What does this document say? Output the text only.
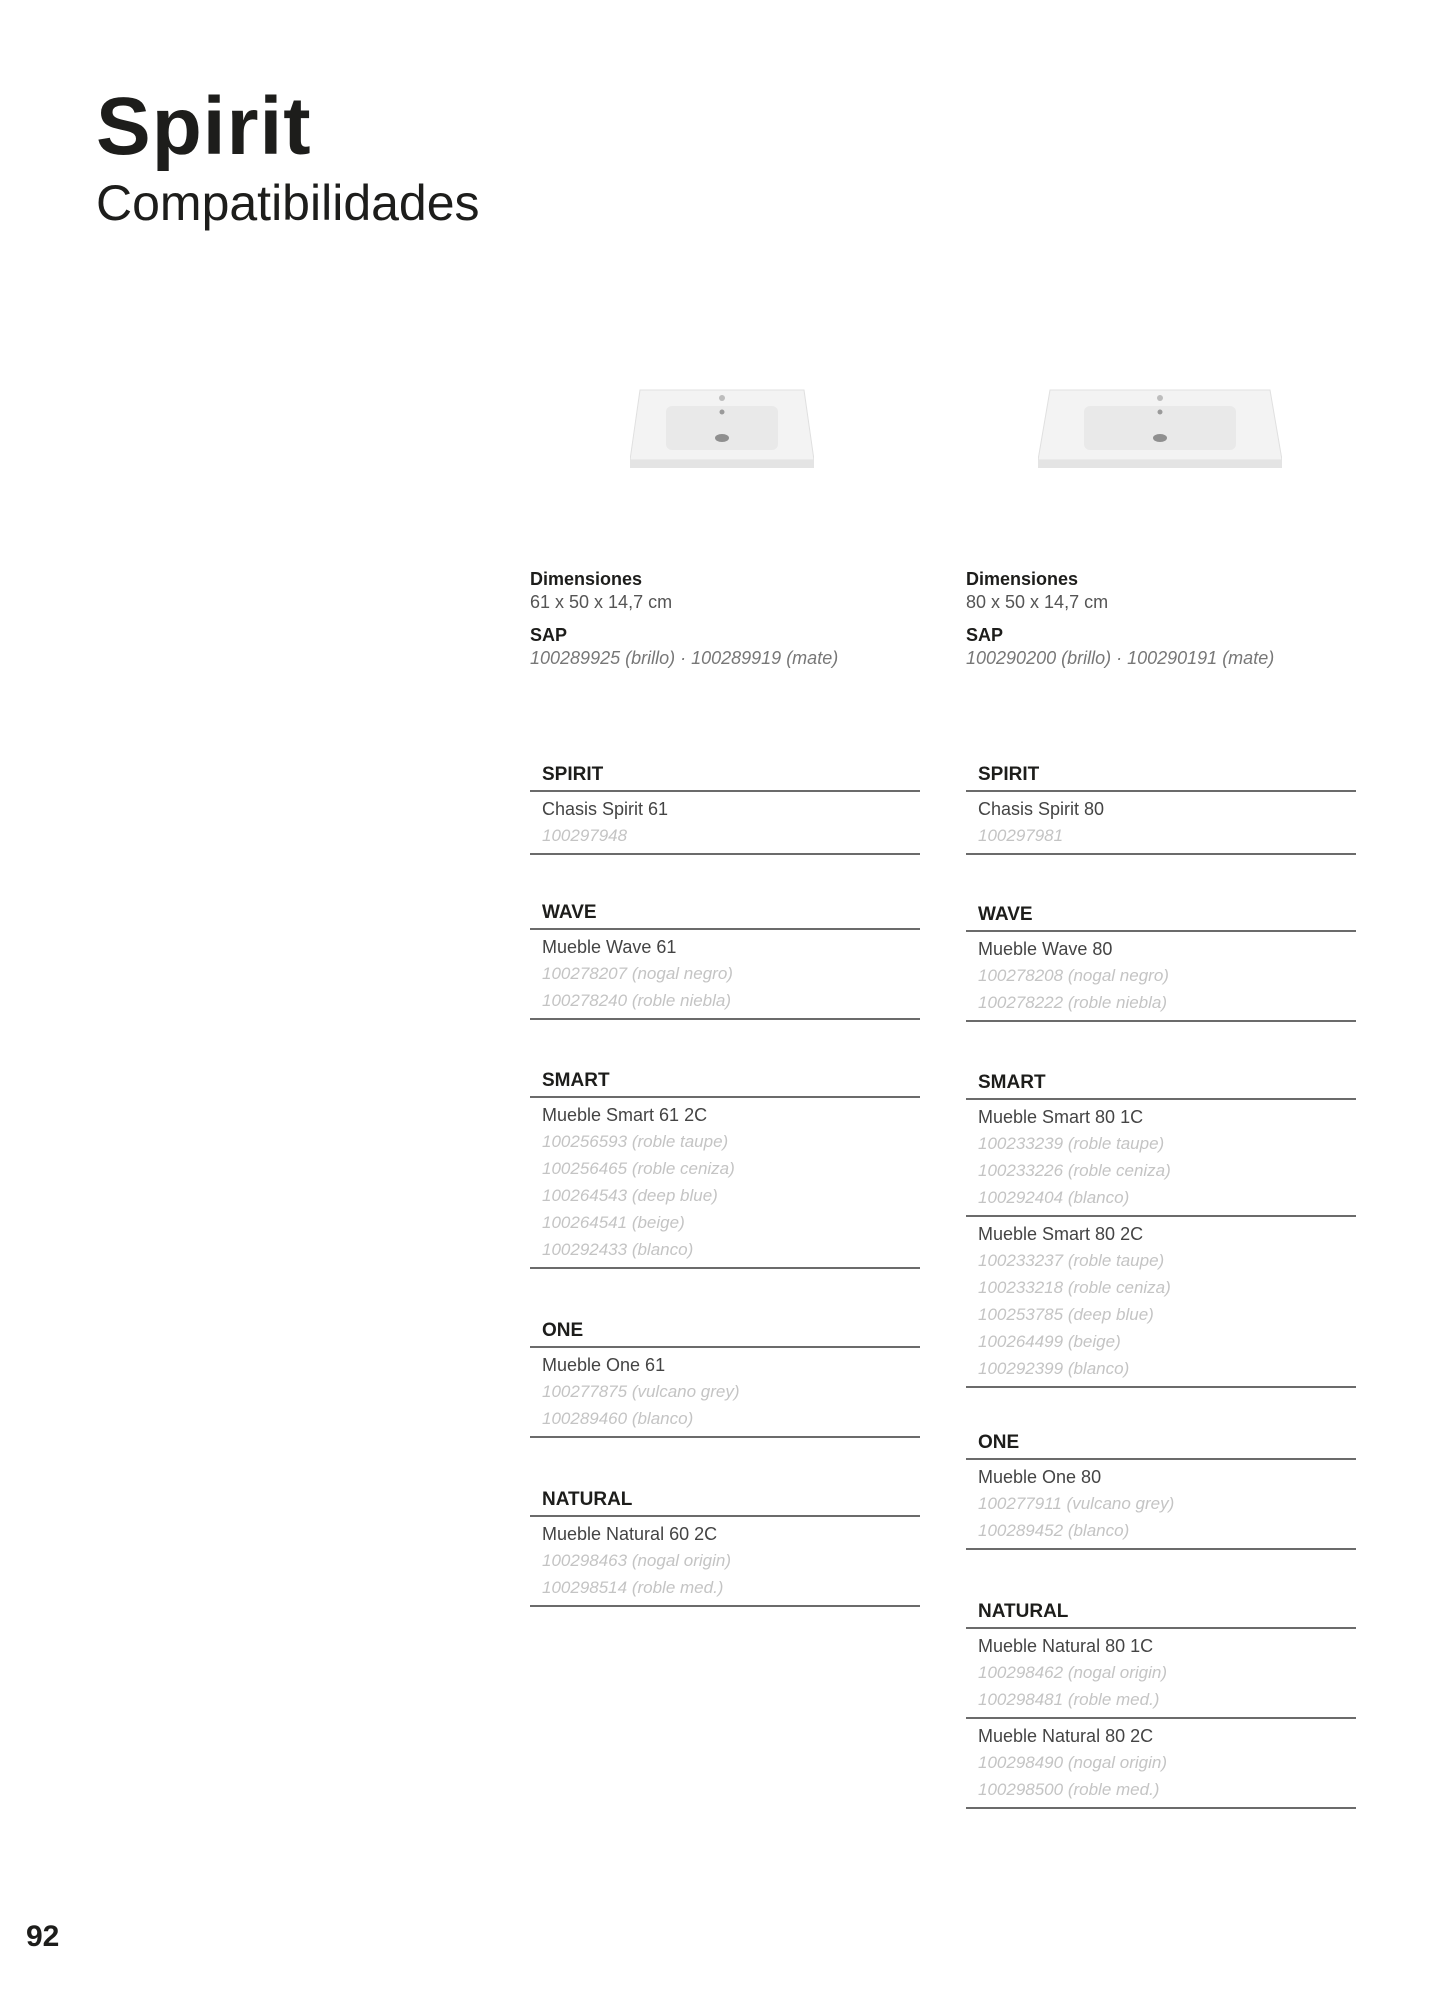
Spirit
Compatibilidades
Dimensiones
61 x 50 x 14,7 cm
SAP
100289925 (brillo) · 100289919 (mate)
SPIRIT
Chasis Spirit 61
100297948
WAVE
Mueble Wave 61
100278207 (nogal negro)
100278240 (roble niebla)
SMART
Mueble Smart 61 2C
100256593 (roble taupe)
100256465 (roble ceniza)
100264543 (deep blue)
100264541 (beige)
100292433 (blanco)
ONE
Mueble One 61
100277875 (vulcano grey)
100289460 (blanco)
NATURAL
Mueble Natural 60 2C
100298463 (nogal origin)
100298514 (roble med.)
Dimensiones
80 x 50 x 14,7 cm
SAP
100290200 (brillo) · 100290191 (mate)
SPIRIT
Chasis Spirit 80
100297981
WAVE
Mueble Wave 80
100278208 (nogal negro)
100278222 (roble niebla)
SMART
Mueble Smart 80 1C
100233239 (roble taupe)
100233226 (roble ceniza)
100292404 (blanco)
Mueble Smart 80 2C
100233237 (roble taupe)
100233218 (roble ceniza)
100253785 (deep blue)
100264499 (beige)
100292399 (blanco)
ONE
Mueble One 80
100277911 (vulcano grey)
100289452 (blanco)
NATURAL
Mueble Natural 80 1C
100298462 (nogal origin)
100298481 (roble med.)
Mueble Natural 80 2C
100298490 (nogal origin)
100298500 (roble med.)
92
